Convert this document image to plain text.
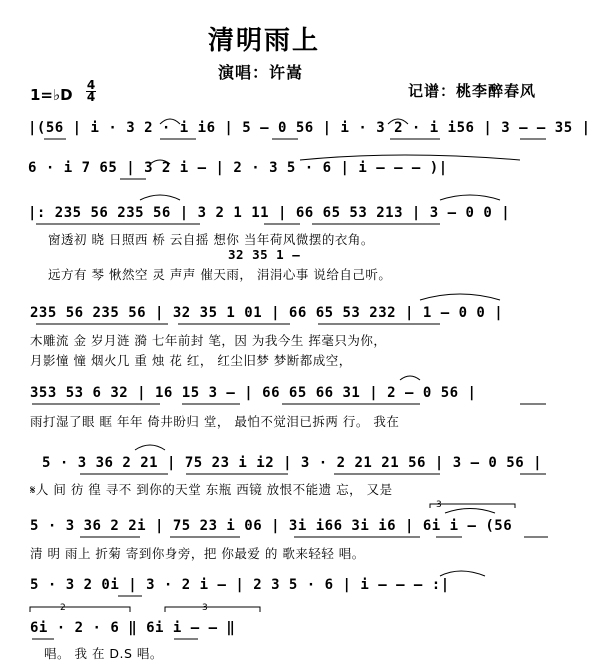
清明雨上
演唱：许嵩
1=♭D
4
4	记谱：桃李醉春风
|(56 | i · 3 2 · i i6 | 5 — 0 56 | i · 3 2 · i i56 | 3 — — 35 |
6 · i 7 65 | 3 2 i — | 2 · 3 5 · 6 | i — — — )|
|: 235 56 235 56 | 3 2 1 11 | 66 65 53 213 | 3 — 0 0 |
窗透初 晓 日照西 桥 云自摇 想你 当年荷风微摆的衣角。
32 35 1 —
远方有 琴 愀然空 灵 声声 催天雨， 涓涓心事 说给自己听。
235 56 235 56 | 32 35 1 01 | 66 65 53 232 | 1 — 0 0 |
木雕流 金 岁月涟 漪 七年前封 笔，因 为我今生 挥毫只为你，
月影憧 憧 烟火几 重 烛 花 红， 红尘旧梦 梦断都成空，
353 53 6 32 | 16 15 3 — | 66 65 66 31 | 2 — 0 56 |
雨打湿了眼 眶 年年 倚井盼归 堂， 最怕不觉泪已拆两 行。 我在
5 · 3 36 2 21 | 75 23 i i2 | 3 · 2 21 21 56 | 3 — 0 56 |
𝄋人 间 彷 徨 寻不 到你的天堂 东瓶 西镜 放恨不能遗 忘， 又是
5 · 3 36 2 2i | 75 23 i 06 | 3i i66 3i i6 | 6i i — (56
清 明 雨上 折菊 寄到你身旁，把 你最爱 的 歌来轻轻 唱。
5 · 3 2 0i | 3 · 2 i — | 2 3 5 · 6 | i — — — :|
6i · 2 · 6 ‖ 6i i — — ‖
唱。 我 在 D.S 唱。
2	3
3
